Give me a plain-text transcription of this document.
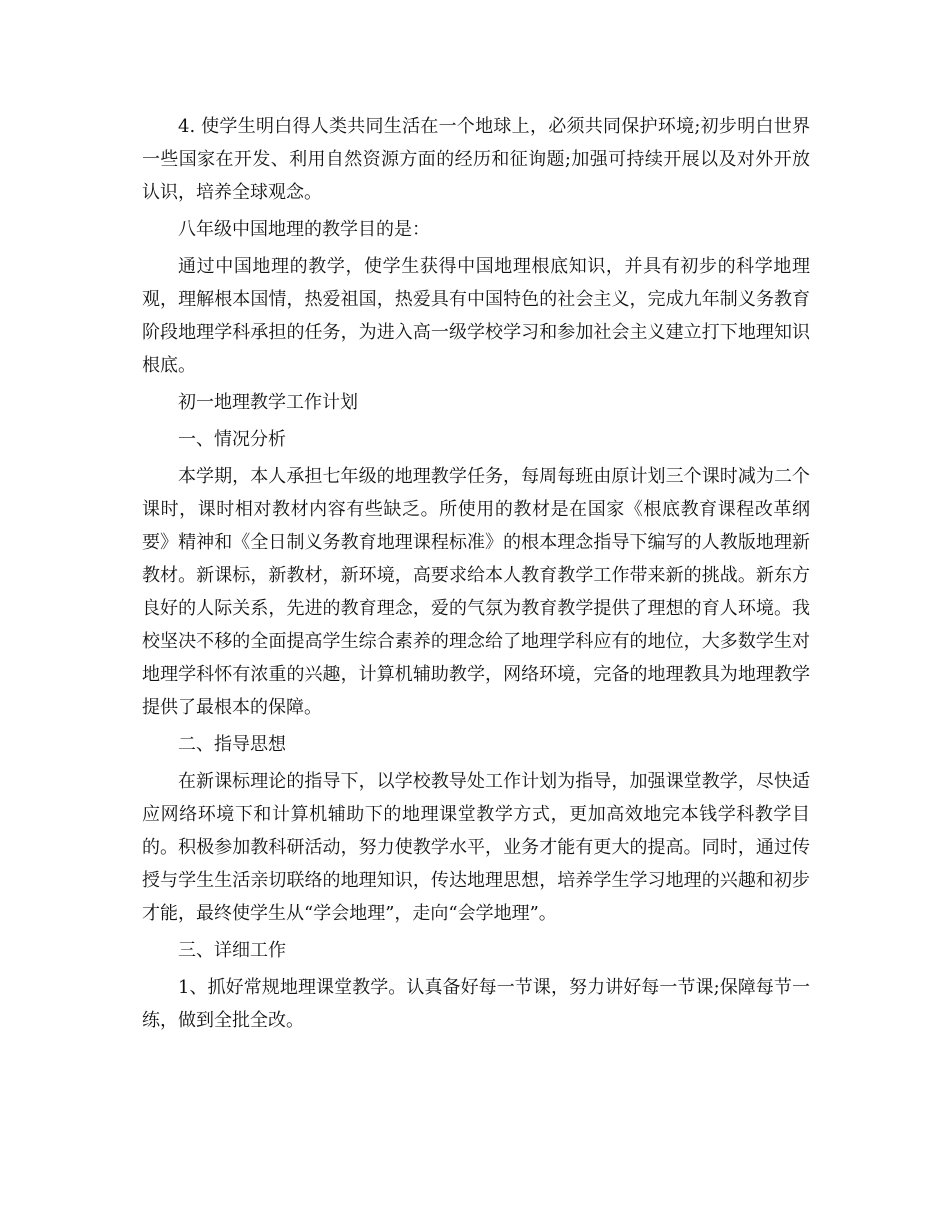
4. 使学生明白得人类共同生活在一个地球上，必须共同保护环境;初步明白世界一些国家在开发、利用自然资源方面的经历和征询题;加强可持续开展以及对外开放认识，培养全球观念。

八年级中国地理的教学目的是：

通过中国地理的教学，使学生获得中国地理根底知识，并具有初步的科学地理观，理解根本国情，热爱祖国，热爱具有中国特色的社会主义，完成九年制义务教育阶段地理学科承担的任务，为进入高一级学校学习和参加社会主义建立打下地理知识根底。

初一地理教学工作计划

一、情况分析

本学期，本人承担七年级的地理教学任务，每周每班由原计划三个课时减为二个课时，课时相对教材内容有些缺乏。所使用的教材是在国家《根底教育课程改革纲要》精神和《全日制义务教育地理课程标准》的根本理念指导下编写的人教版地理新教材。新课标，新教材，新环境，高要求给本人教育教学工作带来新的挑战。新东方良好的人际关系，先进的教育理念，爱的气氛为教育教学提供了理想的育人环境。我校坚决不移的全面提高学生综合素养的理念给了地理学科应有的地位，大多数学生对地理学科怀有浓重的兴趣，计算机辅助教学，网络环境，完备的地理教具为地理教学提供了最根本的保障。

二、指导思想

在新课标理论的指导下，以学校教导处工作计划为指导，加强课堂教学，尽快适应网络环境下和计算机辅助下的地理课堂教学方式，更加高效地完本钱学科教学目的。积极参加教科研活动，努力使教学水平，业务才能有更大的提高。同时，通过传授与学生生活亲切联络的地理知识，传达地理思想，培养学生学习地理的兴趣和初步才能，最终使学生从“学会地理”，走向“会学地理”。

三、详细工作

1、抓好常规地理课堂教学。认真备好每一节课，努力讲好每一节课;保障每节一练，做到全批全改。
